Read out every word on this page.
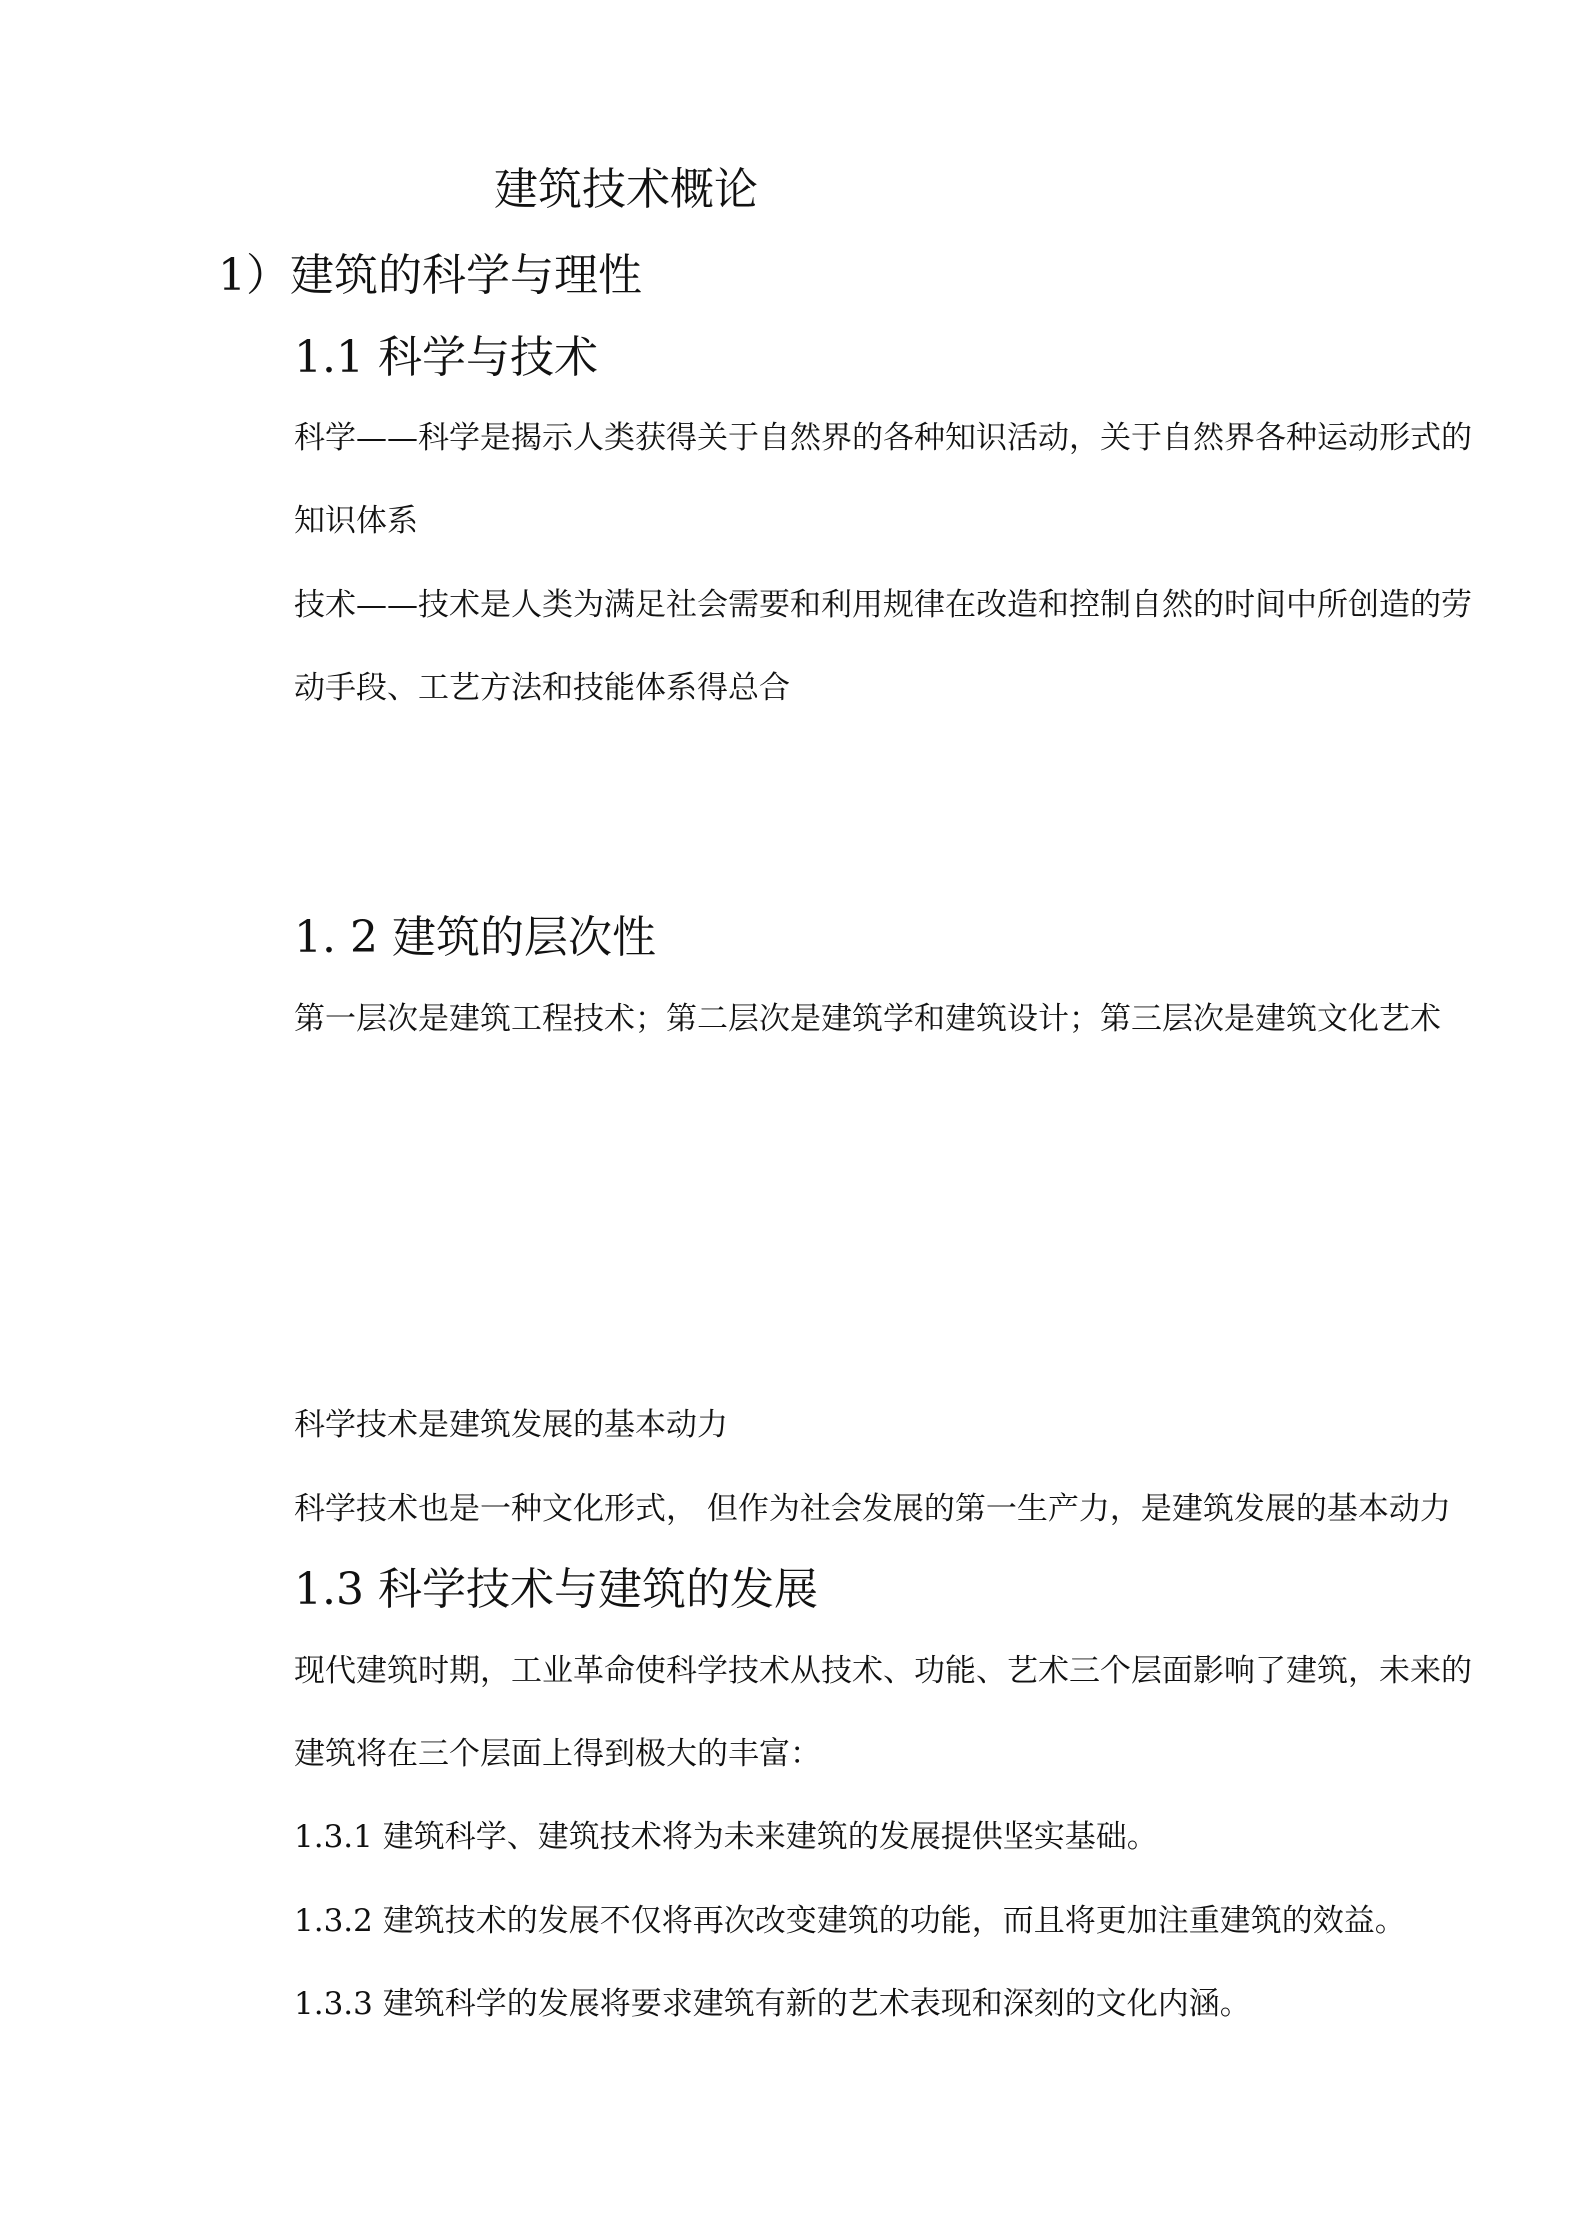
建筑技术概论
1）建筑的科学与理性
1.1 科学与技术
科学——科学是揭示人类获得关于自然界的各种知识活动，关于自然界各种运动形式的
知识体系
技术——技术是人类为满足社会需要和利用规律在改造和控制自然的时间中所创造的劳
动手段、工艺方法和技能体系得总合
1. 2 建筑的层次性
第一层次是建筑工程技术；第二层次是建筑学和建筑设计；第三层次是建筑文化艺术
科学技术是建筑发展的基本动力
科学技术也是一种文化形式， 但作为社会发展的第一生产力，是建筑发展的基本动力
1.3 科学技术与建筑的发展
现代建筑时期，工业革命使科学技术从技术、功能、艺术三个层面影响了建筑，未来的
建筑将在三个层面上得到极大的丰富：
1.3.1 建筑科学、建筑技术将为未来建筑的发展提供坚实基础。
1.3.2 建筑技术的发展不仅将再次改变建筑的功能，而且将更加注重建筑的效益。
1.3.3 建筑科学的发展将要求建筑有新的艺术表现和深刻的文化内涵。
